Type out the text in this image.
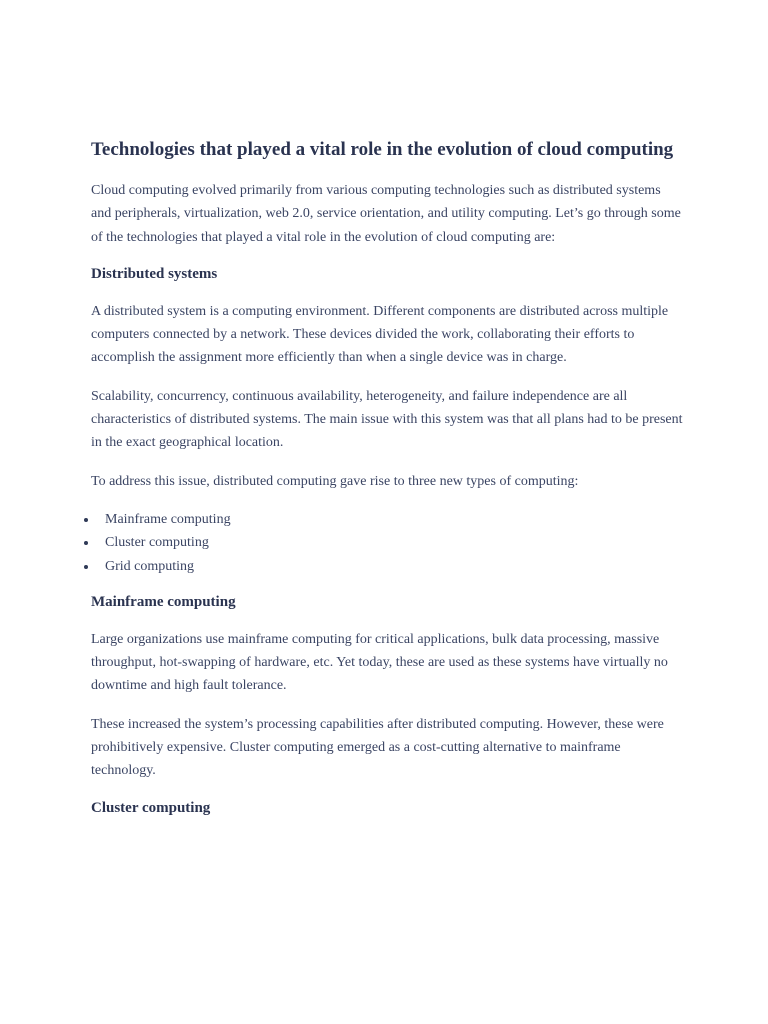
Technologies that played a vital role in the evolution of cloud computing

Cloud computing evolved primarily from various computing technologies such as distributed systems and peripherals, virtualization, web 2.0, service orientation, and utility computing. Let’s go through some of the technologies that played a vital role in the evolution of cloud computing are:

Distributed systems

A distributed system is a computing environment. Different components are distributed across multiple computers connected by a network. These devices divided the work, collaborating their efforts to accomplish the assignment more efficiently than when a single device was in charge.

Scalability, concurrency, continuous availability, heterogeneity, and failure independence are all characteristics of distributed systems. The main issue with this system was that all plans had to be present in the exact geographical location.

To address this issue, distributed computing gave rise to three new types of computing:

Mainframe computing
Cluster computing
Grid computing
Mainframe computing

Large organizations use mainframe computing for critical applications, bulk data processing, massive throughput, hot-swapping of hardware, etc. Yet today, these are used as these systems have virtually no downtime and high fault tolerance.

These increased the system’s processing capabilities after distributed computing. However, these were prohibitively expensive. Cluster computing emerged as a cost-cutting alternative to mainframe technology.

Cluster computing
